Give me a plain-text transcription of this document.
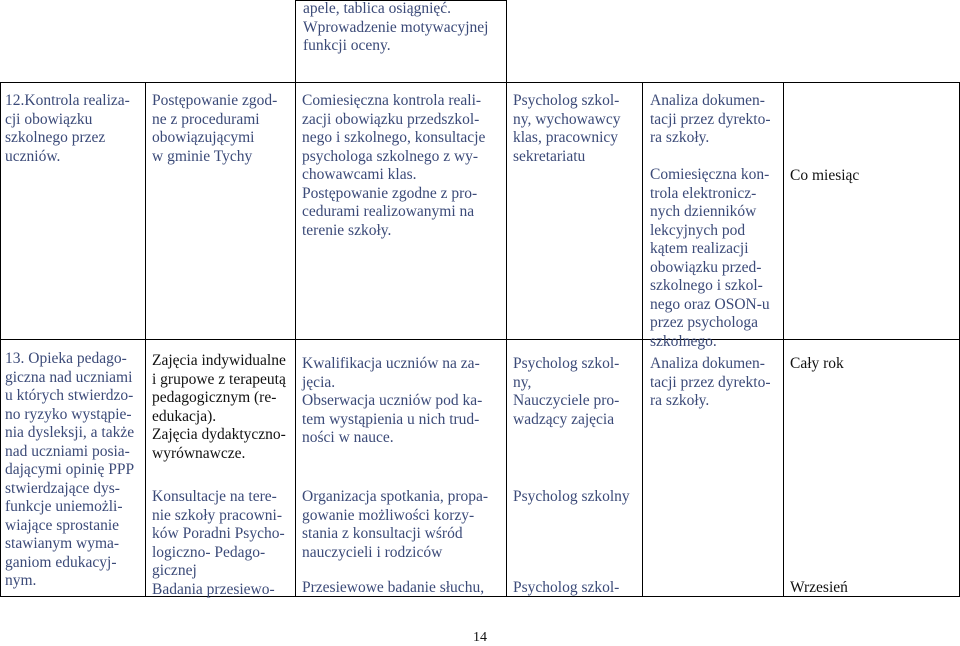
apele, tablica osiągnięć.
Wprowadzenie motywacyjnej
funkcji oceny.
12.Kontrola realiza-
cji obowiązku
szkolnego przez
uczniów.
Postępowanie zgod-
ne z procedurami
obowiązującymi
w gminie Tychy
Comiesięczna kontrola reali-
zacji obowiązku przedszkol-
nego i szkolnego, konsultacje
psychologa szkolnego z wy-
chowawcami klas.
Postępowanie zgodne z pro-
cedurami realizowanymi na
terenie szkoły.
Psycholog szkol-
ny, wychowawcy
klas, pracownicy
sekretariatu
Analiza dokumen-
tacji przez dyrekto-
ra szkoły.

Comiesięczna kon-
trola elektronicz-
nych dzienników
lekcyjnych pod
kątem realizacji
obowiązku przed-
szkolnego i szkol-
nego oraz OSON-u
przez psychologa
szkolnego.
Co miesiąc
13. Opieka pedago-
giczna nad uczniami
u których stwierdzo-
no ryzyko wystąpie-
nia dysleksji, a także
nad uczniami posia-
dającymi opinię PPP
stwierdzające dys-
funkcje uniemożli-
wiające sprostanie
stawianym wyma-
ganiom edukacyj-
nym.
Zajęcia indywidualne
i grupowe z terapeutą
pedagogicznym (re-
edukacja).
Zajęcia dydaktyczno-
wyrównawcze.
Konsultacje na tere-
nie szkoły pracowni-
ków Poradni Psycho-
logiczno- Pedago-
gicznej
Badania przesiewo-
Kwalifikacja uczniów na za-
jęcia.
Obserwacja uczniów pod ka-
tem wystąpienia u nich trud-
ności w nauce.
Organizacja spotkania, propa-
gowanie możliwości korzy-
stania z konsultacji wśród
nauczycieli i rodziców
Przesiewowe badanie słuchu,
Psycholog szkol-
ny,
Nauczyciele pro-
wadzący zajęcia
Psycholog szkolny
Psycholog szkol-
Analiza dokumen-
tacji przez dyrekto-
ra szkoły.
Cały rok
Wrzesień
14
